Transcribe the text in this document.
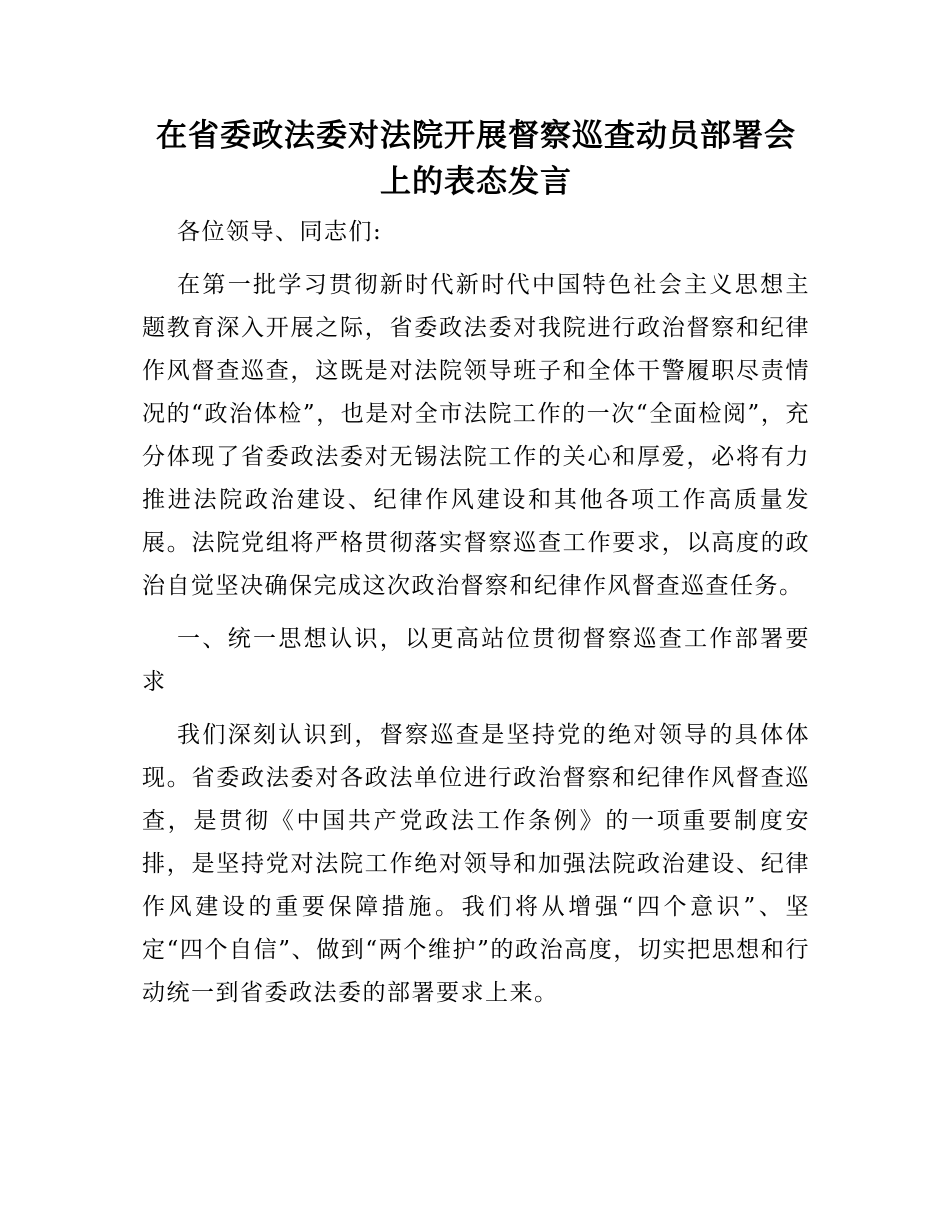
在省委政法委对法院开展督察巡查动员部署会
上的表态发言

各位领导、同志们:

在第一批学习贯彻新时代新时代中国特色社会主义思想主题教育深入开展之际，省委政法委对我院进行政治督察和纪律作风督查巡查，这既是对法院领导班子和全体干警履职尽责情况的“政治体检”，也是对全市法院工作的一次“全面检阅”，充分体现了省委政法委对无锡法院工作的关心和厚爱，必将有力推进法院政治建设、纪律作风建设和其他各项工作高质量发展。法院党组将严格贯彻落实督察巡查工作要求，以高度的政治自觉坚决确保完成这次政治督察和纪律作风督查巡查任务。

一、统一思想认识，以更高站位贯彻督察巡查工作部署要求

我们深刻认识到，督察巡查是坚持党的绝对领导的具体体现。省委政法委对各政法单位进行政治督察和纪律作风督查巡查，是贯彻《中国共产党政法工作条例》的一项重要制度安排，是坚持党对法院工作绝对领导和加强法院政治建设、纪律作风建设的重要保障措施。我们将从增强“四个意识”、坚定“四个自信”、做到“两个维护”的政治高度，切实把思想和行动统一到省委政法委的部署要求上来。
